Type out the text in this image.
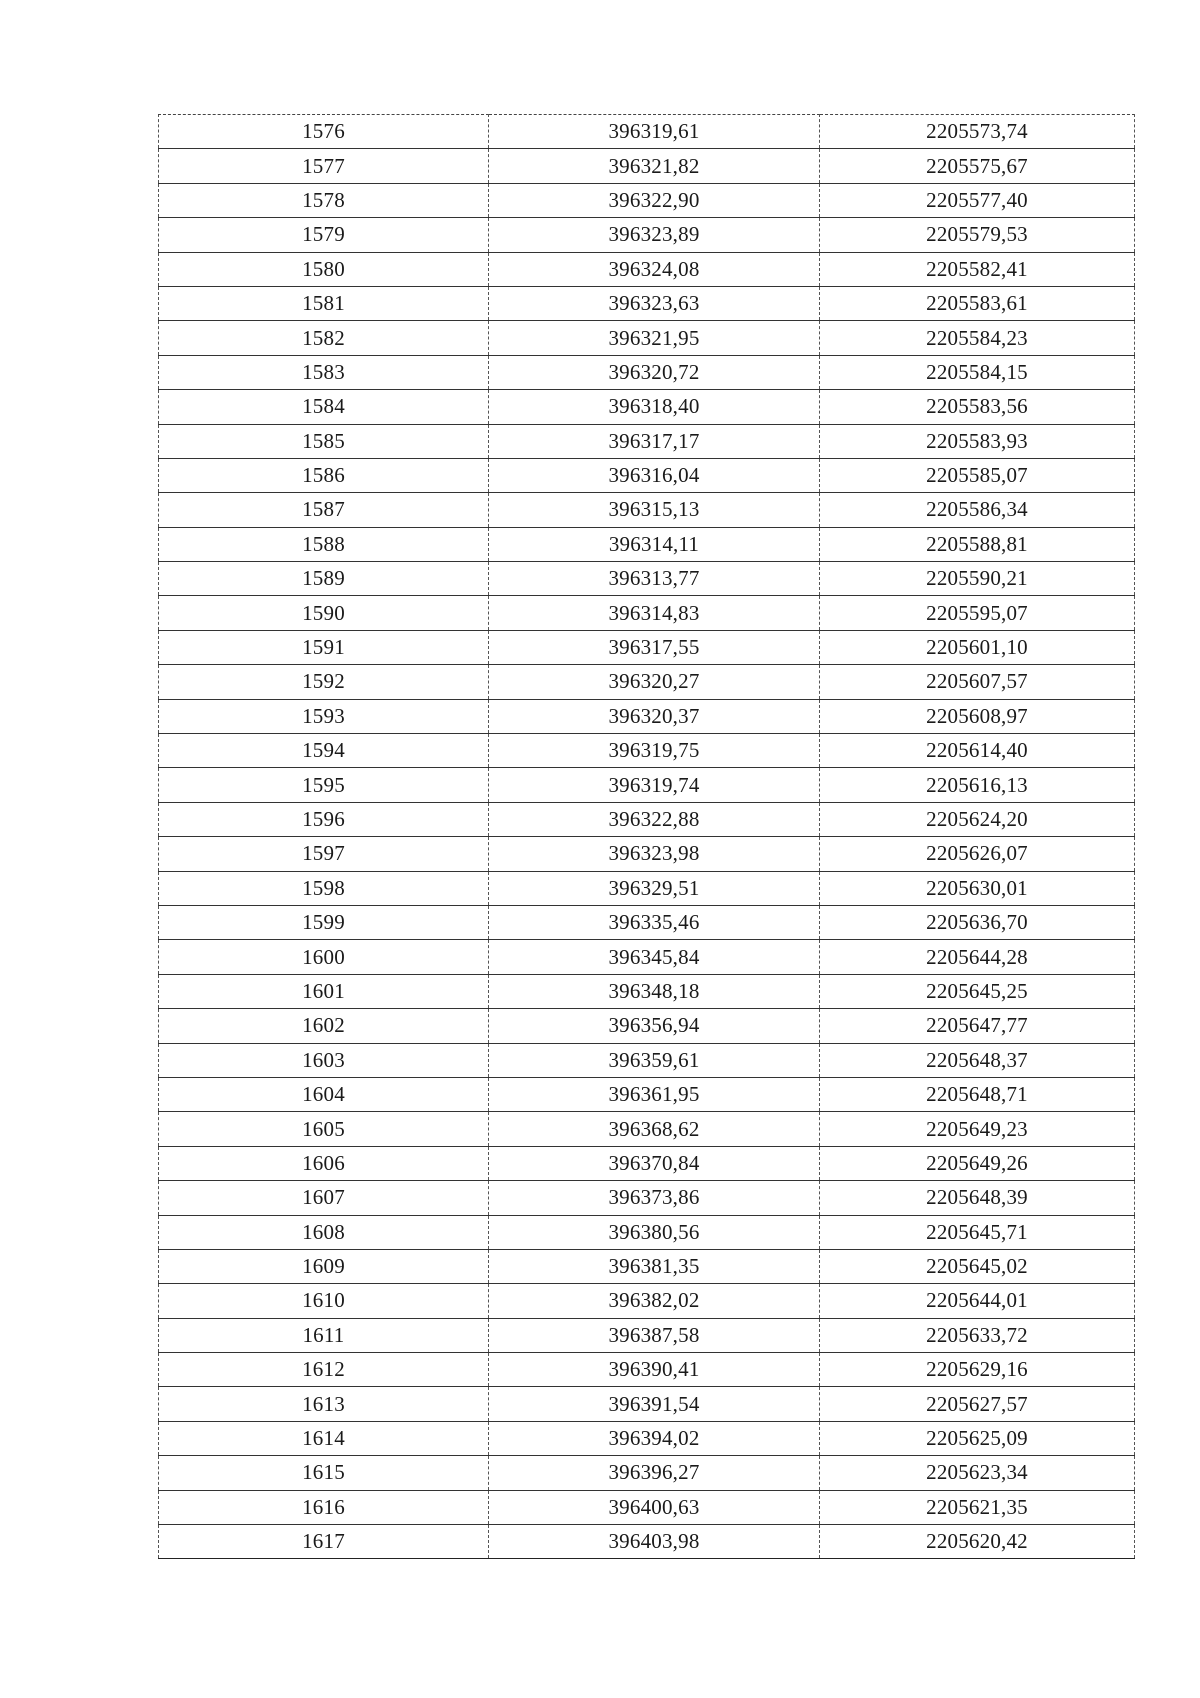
1576	396319,61	2205573,74
1577	396321,82	2205575,67
1578	396322,90	2205577,40
1579	396323,89	2205579,53
1580	396324,08	2205582,41
1581	396323,63	2205583,61
1582	396321,95	2205584,23
1583	396320,72	2205584,15
1584	396318,40	2205583,56
1585	396317,17	2205583,93
1586	396316,04	2205585,07
1587	396315,13	2205586,34
1588	396314,11	2205588,81
1589	396313,77	2205590,21
1590	396314,83	2205595,07
1591	396317,55	2205601,10
1592	396320,27	2205607,57
1593	396320,37	2205608,97
1594	396319,75	2205614,40
1595	396319,74	2205616,13
1596	396322,88	2205624,20
1597	396323,98	2205626,07
1598	396329,51	2205630,01
1599	396335,46	2205636,70
1600	396345,84	2205644,28
1601	396348,18	2205645,25
1602	396356,94	2205647,77
1603	396359,61	2205648,37
1604	396361,95	2205648,71
1605	396368,62	2205649,23
1606	396370,84	2205649,26
1607	396373,86	2205648,39
1608	396380,56	2205645,71
1609	396381,35	2205645,02
1610	396382,02	2205644,01
1611	396387,58	2205633,72
1612	396390,41	2205629,16
1613	396391,54	2205627,57
1614	396394,02	2205625,09
1615	396396,27	2205623,34
1616	396400,63	2205621,35
1617	396403,98	2205620,42
